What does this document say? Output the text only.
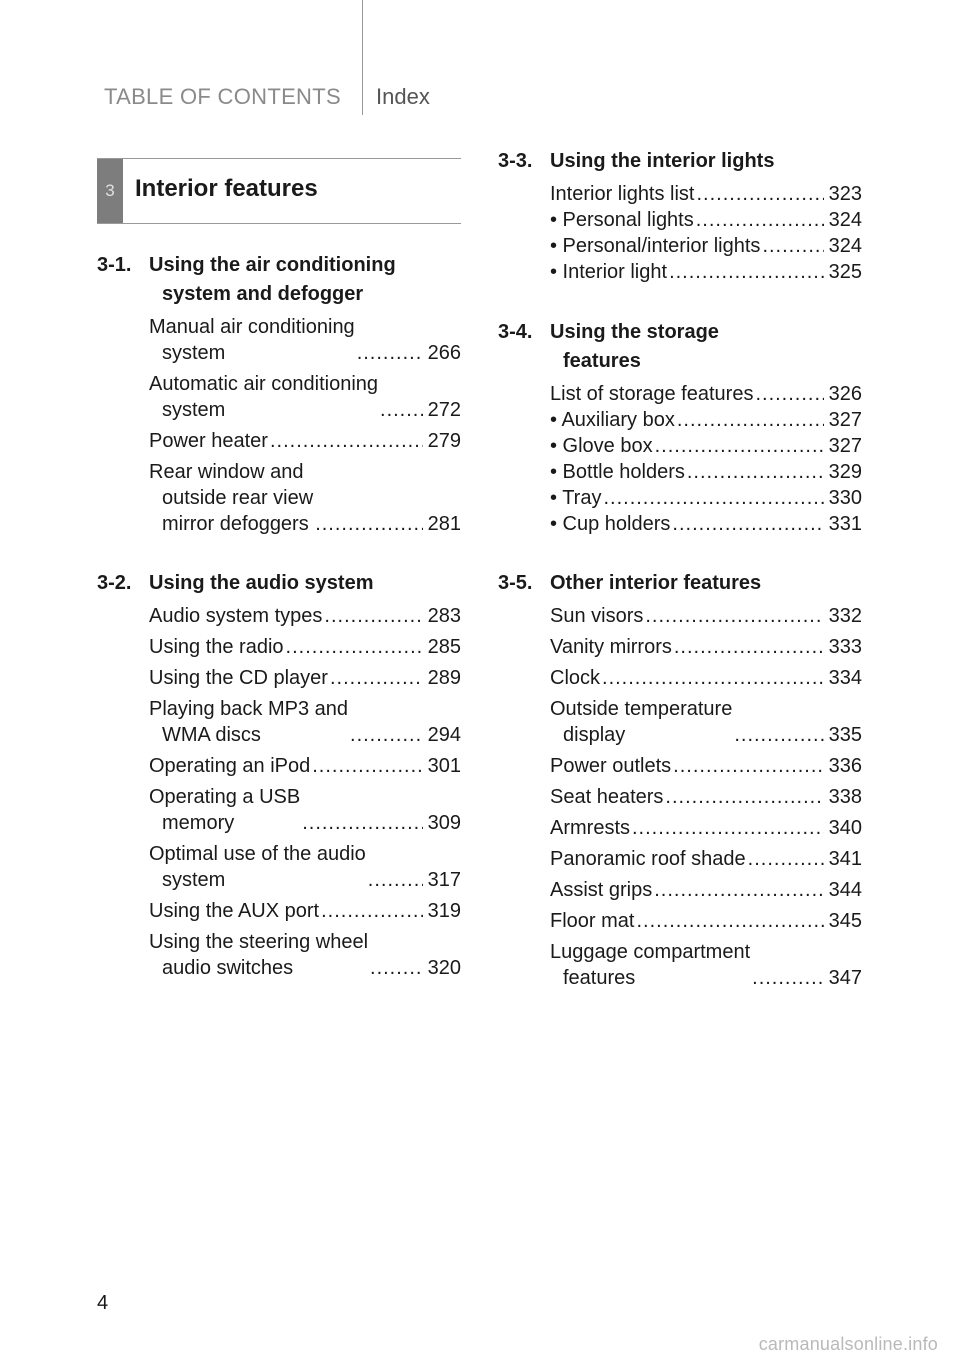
TABLE OF CONTENTS Index
3 Interior features
3-1. Using the air conditioning
system and defogger
Manual air conditioning
system .....	266
Automatic air conditioning
system .....	272
Power heater .....	279
Rear window and
outside rear view
mirror defoggers .....	281
3-2. Using the audio system
Audio system types .....	283
Using the radio .....	285
Using the CD player .....	289
Playing back MP3 and
WMA discs .....	294
Operating an iPod .....	301
Operating a USB
memory .....	309
Optimal use of the audio
system .....	317
Using the AUX port .....	319
Using the steering wheel
audio switches .....	320
3-3. Using the interior lights
Interior lights list .....	323
• Personal lights .....	324
• Personal/interior lights .....	324
• Interior light .....	325
3-4. Using the storage
features
List of storage features .....	326
• Auxiliary box .....	327
• Glove box .....	327
• Bottle holders .....	329
• Tray .....	330
• Cup holders .....	331
3-5. Other interior features
Sun visors .....	332
Vanity mirrors .....	333
Clock .....	334
Outside temperature
display .....	335
Power outlets .....	336
Seat heaters .....	338
Armrests .....	340
Panoramic roof shade .....	341
Assist grips .....	344
Floor mat .....	345
Luggage compartment
features .....	347
4
carmanualsonline.info
